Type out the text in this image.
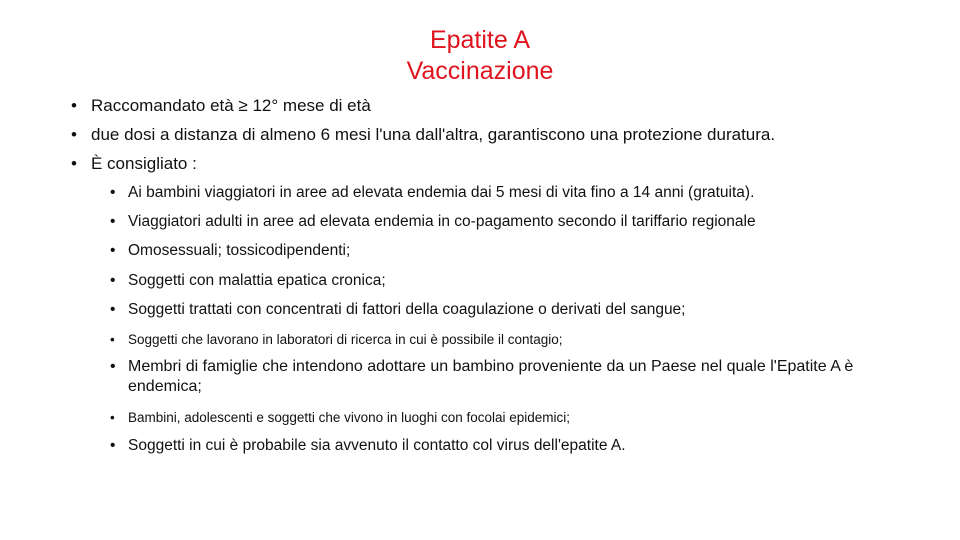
Epatite A
Vaccinazione
• Raccomandato età ≥ 12° mese di età
• due dosi a distanza di almeno 6 mesi l'una dall'altra, garantiscono una protezione duratura.
• È consigliato :
• Ai bambini viaggiatori in aree ad elevata endemia dai 5 mesi di vita fino a 14 anni (gratuita).
• Viaggiatori adulti in aree ad elevata endemia in co-pagamento secondo il tariffario regionale
• Omosessuali; tossicodipendenti;
• Soggetti con malattia epatica cronica;
• Soggetti trattati con concentrati di fattori della coagulazione o derivati del sangue;
• Soggetti che lavorano in laboratori di ricerca in cui è possibile il contagio;
• Membri di famiglie che intendono adottare un bambino proveniente da un Paese nel quale l'Epatite A è endemica;
• Bambini, adolescenti e soggetti che vivono in luoghi con focolai epidemici;
• Soggetti in cui è probabile sia avvenuto il contatto col virus dell'epatite A.
